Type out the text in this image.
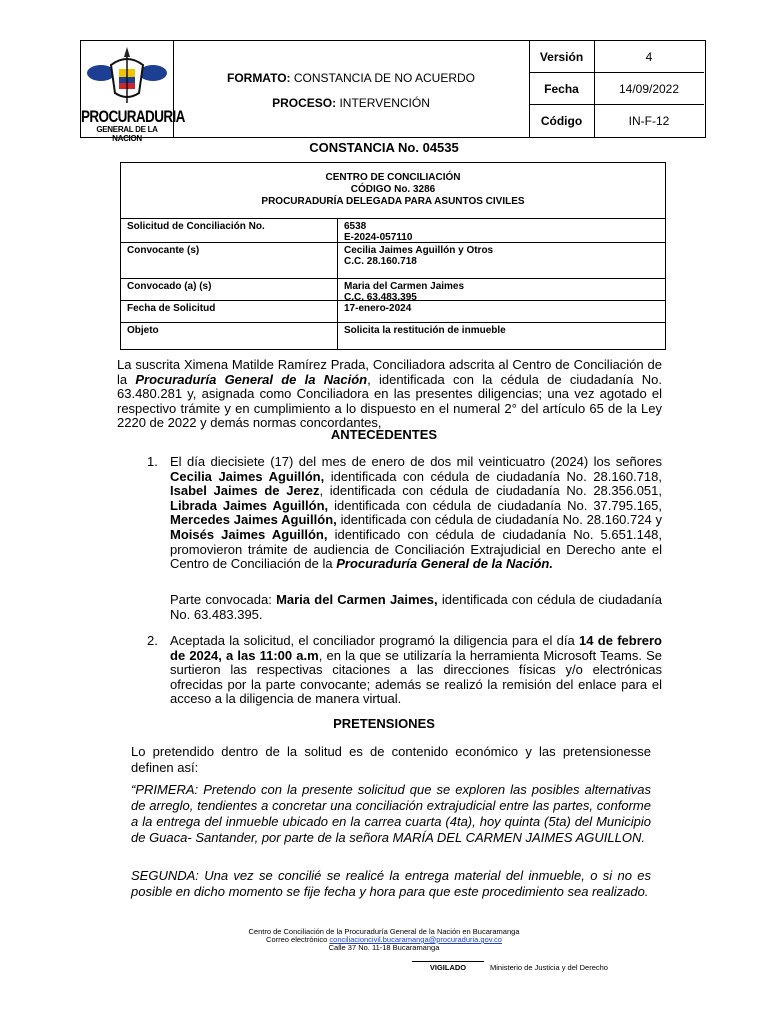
PROCURADURIA
GENERAL DE LA NACION
FORMATO: CONSTANCIA DE NO ACUERDO
PROCESO: INTERVENCIÓN
Versión	4
Fecha	14/09/2022
Código	IN-F-12
CONSTANCIA No. 04535
CENTRO DE CONCILIACIÓN
CÓDIGO No. 3286
PROCURADURÍA DELEGADA PARA ASUNTOS CIVILES
Solicitud de Conciliación No.	6538
E-2024-057110
Convocante (s)	Cecilia Jaimes Aguillón y Otros
C.C. 28.160.718
Convocado (a) (s)	Maria del Carmen Jaimes
C.C. 63.483.395
Fecha de Solicitud	17-enero-2024
Objeto	Solicita la restitución de inmueble
La suscrita Ximena Matilde Ramírez Prada, Conciliadora adscrita al Centro de Conciliación de la Procuraduría General de la Nación, identificada con la cédula de ciudadanía No. 63.480.281 y, asignada como Conciliadora en las presentes diligencias; una vez agotado el respectivo trámite y en cumplimiento a lo dispuesto en el numeral 2° del artículo 65 de la Ley 2220 de 2022 y demás normas concordantes,
ANTECEDENTES
1. El día diecisiete (17) del mes de enero de dos mil veinticuatro (2024) los señores Cecilia Jaimes Aguillón, identificada con cédula de ciudadanía No. 28.160.718, Isabel Jaimes de Jerez, identificada con cédula de ciudadanía No. 28.356.051, Librada Jaimes Aguillón, identificada con cédula de ciudadanía No. 37.795.165, Mercedes Jaimes Aguillón, identificada con cédula de ciudadanía No. 28.160.724 y Moisés Jaimes Aguillón, identificado con cédula de ciudadanía No. 5.651.148, promovieron trámite de audiencia de Conciliación Extrajudicial en Derecho ante el Centro de Conciliación de la Procuraduría General de la Nación.
Parte convocada: Maria del Carmen Jaimes, identificada con cédula de ciudadanía No. 63.483.395.
2. Aceptada la solicitud, el conciliador programó la diligencia para el día 14 de febrero de 2024, a las 11:00 a.m, en la que se utilizaría la herramienta Microsoft Teams. Se surtieron las respectivas citaciones a las direcciones físicas y/o electrónicas ofrecidas por la parte convocante; además se realizó la remisión del enlace para el acceso a la diligencia de manera virtual.
PRETENSIONES
Lo pretendido dentro de la solitud es de contenido económico y las pretensionesse definen así:
“PRIMERA: Pretendo con la presente solicitud que se exploren las posibles alternativas de arreglo, tendientes a concretar una conciliación extrajudicial entre las partes, conforme a la entrega del inmueble ubicado en la carrea cuarta (4ta), hoy quinta (5ta) del Municipio de Guaca- Santander, por parte de la señora MARÍA DEL CARMEN JAIMES AGUILLON.
SEGUNDA: Una vez se concilié se realicé la entrega material del inmueble, o si no es posible en dicho momento se fije fecha y hora para que este procedimiento sea realizado.
Centro de Conciliación de la Procuraduría General de la Nación en Bucaramanga
Correo electrónico conciliacioncivil.bucaramanga@procuraduria.gov.co
Calle 37 No. 11-18 Bucaramanga
VIGILADO	Ministerio de Justicia y del Derecho
